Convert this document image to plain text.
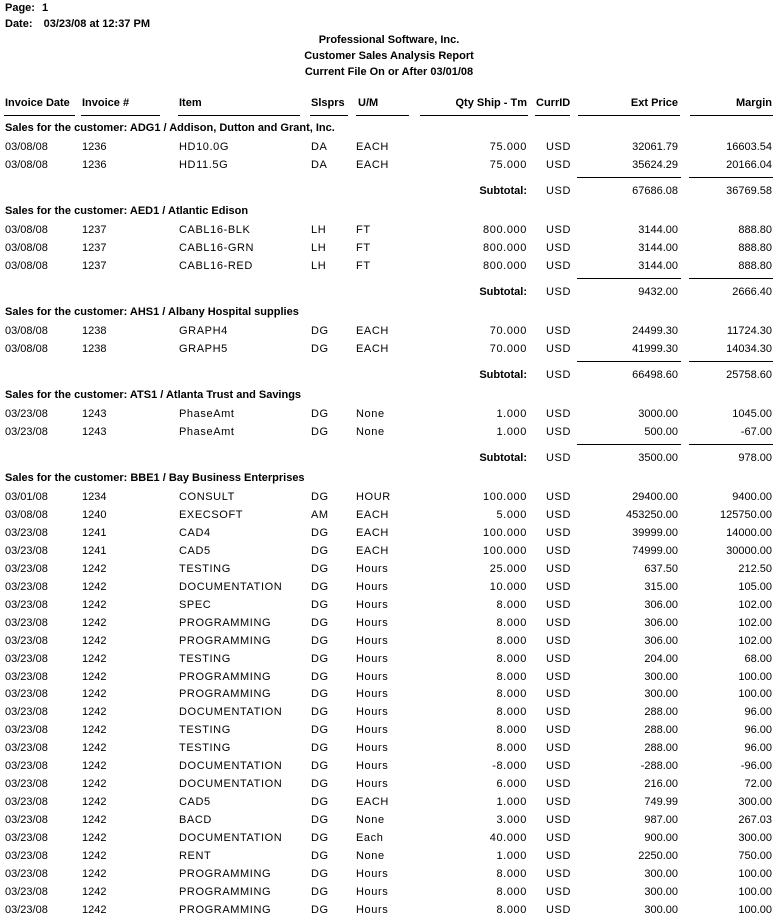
Page: 1
Date: 03/23/08 at 12:37 PM
Professional Software, Inc.
Customer Sales Analysis Report
Current File On or After 03/01/08
Invoice Date Invoice #	Item	Slsprs U/M	Qty Ship - Tm CurrID	Ext Price	Margin
Sales for the customer: ADG1 / Addison, Dutton and Grant, Inc.
03/08/08	1236	HD10.0G	DA	EACH	75.000 USD	32061.79	16603.54
03/08/08	1236	HD11.5G	DA	EACH	75.000 USD	35624.29	20166.04
Subtotal: USD	67686.08	36769.58
Sales for the customer: AED1 / Atlantic Edison
03/08/08	1237	CABL16-BLK	LH	FT	800.000 USD	3144.00	888.80
03/08/08	1237	CABL16-GRN	LH	FT	800.000 USD	3144.00	888.80
03/08/08	1237	CABL16-RED	LH	FT	800.000 USD	3144.00	888.80
Subtotal: USD	9432.00	2666.40
Sales for the customer: AHS1 / Albany Hospital supplies
03/08/08	1238	GRAPH4	DG EACH	70.000 USD	24499.30	11724.30
03/08/08	1238	GRAPH5	DG EACH	70.000 USD	41999.30	14034.30
Subtotal: USD	66498.60	25758.60
Sales for the customer: ATS1 / Atlanta Trust and Savings
03/23/08	1243	PhaseAmt	DG None	1.000 USD	3000.00	1045.00
03/23/08	1243	PhaseAmt	DG None	1.000 USD	500.00	-67.00
Subtotal: USD	3500.00	978.00
Sales for the customer: BBE1 / Bay Business Enterprises
03/01/08	1234	CONSULT	DG HOUR	100.000 USD	29400.00	9400.00
03/08/08	1240	EXECSOFT	AM EACH	5.000 USD	453250.00	125750.00
03/23/08	1241	CAD4	DG EACH	100.000 USD	39999.00	14000.00
03/23/08	1241	CAD5	DG EACH	100.000 USD	74999.00	30000.00
03/23/08	1242	TESTING	DG Hours	25.000 USD	637.50	212.50
03/23/08	1242	DOCUMENTATION	DG Hours	10.000 USD	315.00	105.00
03/23/08	1242	SPEC	DG Hours	8.000 USD	306.00	102.00
03/23/08	1242	PROGRAMMING	DG Hours	8.000 USD	306.00	102.00
03/23/08	1242	PROGRAMMING	DG Hours	8.000 USD	306.00	102.00
03/23/08	1242	TESTING	DG Hours	8.000 USD	204.00	68.00
03/23/08	1242	PROGRAMMING	DG Hours	8.000 USD	300.00	100.00
03/23/08	1242	PROGRAMMING	DG Hours	8.000 USD	300.00	100.00
03/23/08	1242	DOCUMENTATION	DG Hours	8.000 USD	288.00	96.00
03/23/08	1242	TESTING	DG Hours	8.000 USD	288.00	96.00
03/23/08	1242	TESTING	DG Hours	8.000 USD	288.00	96.00
03/23/08	1242	DOCUMENTATION	DG Hours	-8.000 USD	-288.00	-96.00
03/23/08	1242	DOCUMENTATION	DG Hours	6.000 USD	216.00	72.00
03/23/08	1242	CAD5	DG EACH	1.000 USD	749.99	300.00
03/23/08	1242	BACD	DG None	3.000 USD	987.00	267.03
03/23/08	1242	DOCUMENTATION	DG Each	40.000 USD	900.00	300.00
03/23/08	1242	RENT	DG None	1.000 USD	2250.00	750.00
03/23/08	1242	PROGRAMMING	DG Hours	8.000 USD	300.00	100.00
03/23/08	1242	PROGRAMMING	DG Hours	8.000 USD	300.00	100.00
03/23/08	1242	PROGRAMMING	DG Hours	8.000 USD	300.00	100.00
